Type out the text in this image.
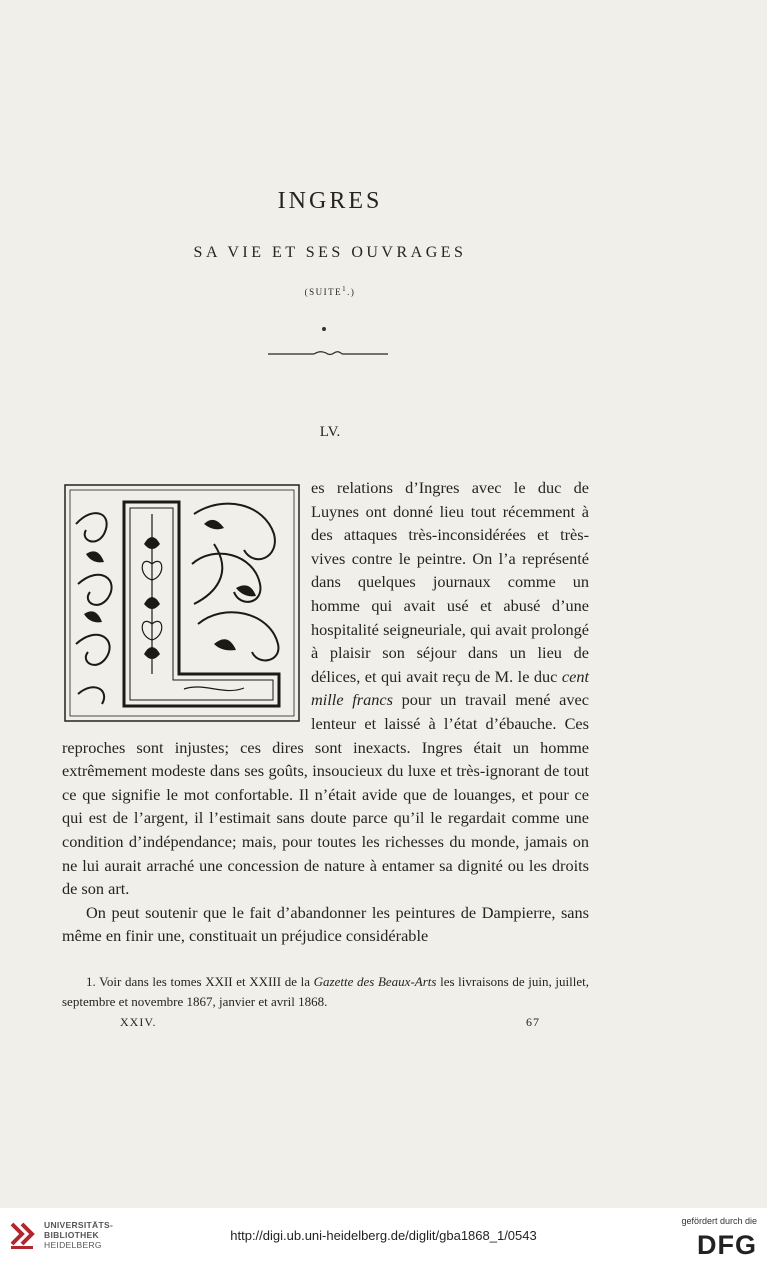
INGRES
SA VIE ET SES OUVRAGES
(SUITE$^1$.)
LV.

es relations d’Ingres avec le duc de Luynes ont donné lieu tout récemment à des attaques très-inconsidérées et très-vives contre le peintre. On l’a représenté dans quelques journaux comme un homme qui avait usé et abusé d’une hospitalité seigneuriale, qui avait prolongé à plaisir son séjour dans un lieu de délices, et qui avait reçu de M. le duc cent mille francs pour un travail mené avec lenteur et laissé à l’état d’ébauche. Ces reproches sont injustes; ces dires sont inexacts. Ingres était un homme extrêmement modeste dans ses goûts, insoucieux du luxe et très-ignorant de tout ce que signifie le mot confortable. Il n’était avide que de louanges, et pour ce qui est de l’argent, il l’estimait sans doute parce qu’il le regardait comme une condition d’indépendance; mais, pour toutes les richesses du monde, jamais on ne lui aurait arraché une concession de nature à entamer sa dignité ou les droits de son art.

On peut soutenir que le fait d’abandonner les peintures de Dampierre, sans même en finir une, constituait un préjudice considérable

1. Voir dans les tomes XXII et XXIII de la Gazette des Beaux-Arts les livraisons de juin, juillet, septembre et novembre 1867, janvier et avril 1868.
XXIV.	67
UNIVERSITÄTS-
BIBLIOTHEK
HEIDELBERG
http://digi.ub.uni-heidelberg.de/diglit/gba1868_1/0543
gefördert durch die
DFG
